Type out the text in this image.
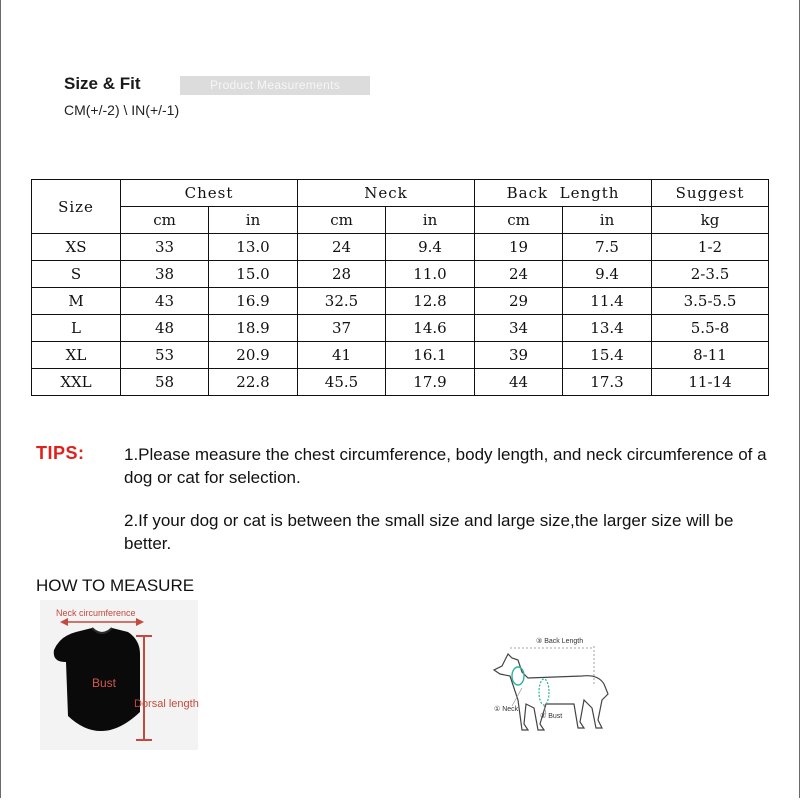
Size & Fit	Product Measurements
CM(+/-2) \ IN(+/-1)
Size	Chest		Neck		Back  Length		Suggest
	cm	in	cm	in	cm	in	kg
XS	33	13.0	24	9.4	19	7.5	1-2
S	38	15.0	28	11.0	24	9.4	2-3.5
M	43	16.9	32.5	12.8	29	11.4	3.5-5.5
L	48	18.9	37	14.6	34	13.4	5.5-8
XL	53	20.9	41	16.1	39	15.4	8-11
XXL	58	22.8	45.5	17.9	44	17.3	11-14
TIPS: 1.Please measure the chest circumference, body length, and neck circumference of a dog or cat for selection.
2.If your dog or cat is between the small size and large size,the larger size will be better.
HOW TO MEASURE
Neck circumference
Bust
Dorsal length
③ Back Length
① Neck
② Bust
